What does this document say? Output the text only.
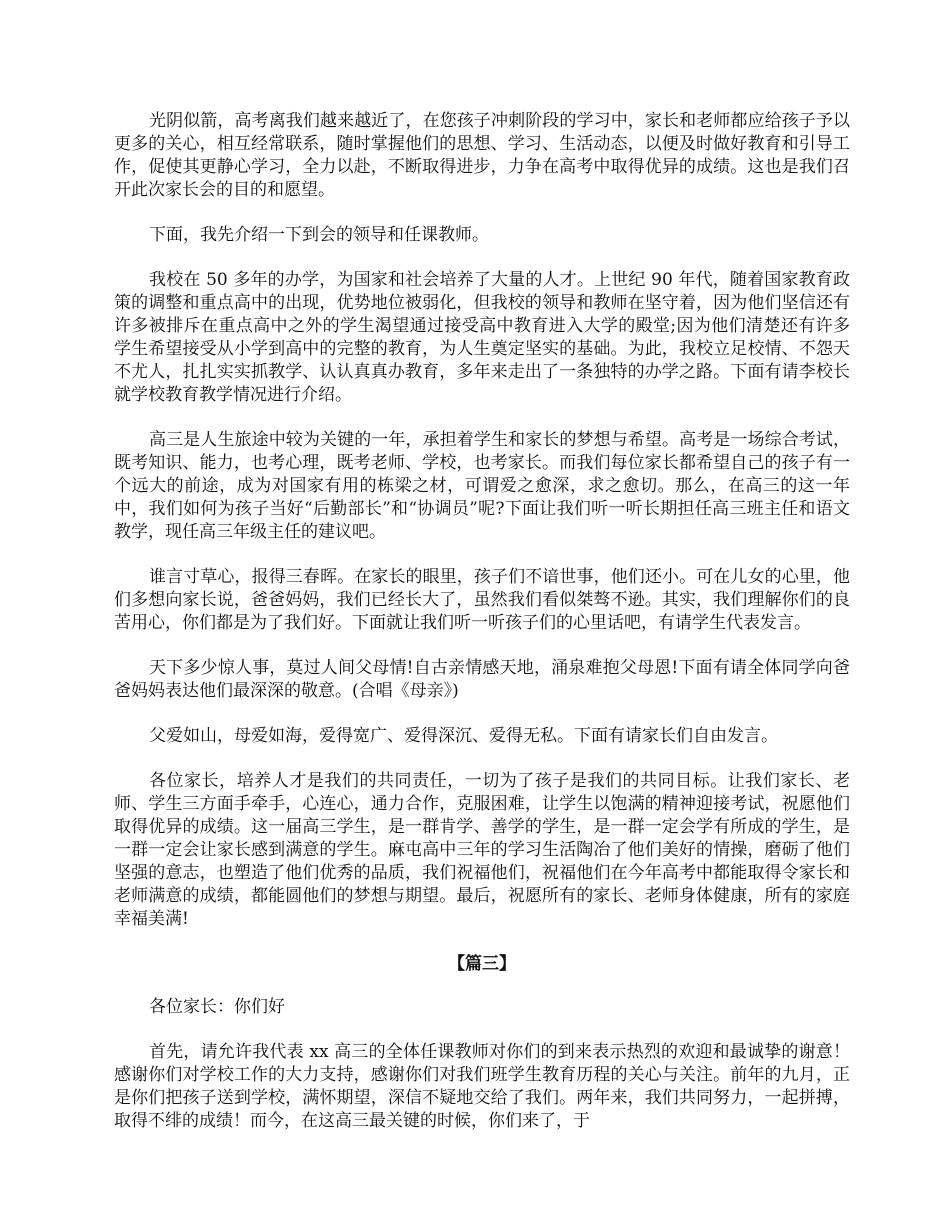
光阴似箭，高考离我们越来越近了，在您孩子冲刺阶段的学习中，家长和老师都应给孩子予以更多的关心，相互经常联系，随时掌握他们的思想、学习、生活动态，以便及时做好教育和引导工作，促使其更静心学习，全力以赴，不断取得进步，力争在高考中取得优异的成绩。这也是我们召开此次家长会的目的和愿望。

下面，我先介绍一下到会的领导和任课教师。

我校在 50 多年的办学，为国家和社会培养了大量的人才。上世纪 90 年代，随着国家教育政策的调整和重点高中的出现，优势地位被弱化，但我校的领导和教师在坚守着，因为他们坚信还有许多被排斥在重点高中之外的学生渴望通过接受高中教育进入大学的殿堂;因为他们清楚还有许多学生希望接受从小学到高中的完整的教育，为人生奠定坚实的基础。为此，我校立足校情、不怨天不尤人，扎扎实实抓教学、认认真真办教育，多年来走出了一条独特的办学之路。下面有请李校长就学校教育教学情况进行介绍。

高三是人生旅途中较为关键的一年，承担着学生和家长的梦想与希望。高考是一场综合考试，既考知识、能力，也考心理，既考老师、学校，也考家长。而我们每位家长都希望自己的孩子有一个远大的前途，成为对国家有用的栋梁之材，可谓爱之愈深，求之愈切。那么，在高三的这一年中，我们如何为孩子当好“后勤部长”和“协调员”呢?下面让我们听一听长期担任高三班主任和语文教学，现任高三年级主任的建议吧。

谁言寸草心，报得三春晖。在家长的眼里，孩子们不谙世事，他们还小。可在儿女的心里，他们多想向家长说，爸爸妈妈，我们已经长大了，虽然我们看似桀骜不逊。其实，我们理解你们的良苦用心，你们都是为了我们好。下面就让我们听一听孩子们的心里话吧，有请学生代表发言。

天下多少惊人事，莫过人间父母情!自古亲情感天地，涌泉难抱父母恩!下面有请全体同学向爸爸妈妈表达他们最深深的敬意。(合唱《母亲》)

父爱如山，母爱如海，爱得宽广、爱得深沉、爱得无私。下面有请家长们自由发言。

各位家长，培养人才是我们的共同责任，一切为了孩子是我们的共同目标。让我们家长、老师、学生三方面手牵手，心连心，通力合作，克服困难，让学生以饱满的精神迎接考试，祝愿他们取得优异的成绩。这一届高三学生，是一群肯学、善学的学生，是一群一定会学有所成的学生，是一群一定会让家长感到满意的学生。麻屯高中三年的学习生活陶冶了他们美好的情操，磨砺了他们坚强的意志，也塑造了他们优秀的品质，我们祝福他们，祝福他们在今年高考中都能取得令家长和老师满意的成绩，都能圆他们的梦想与期望。最后，祝愿所有的家长、老师身体健康，所有的家庭幸福美满!

【篇三】

各位家长：你们好

首先，请允许我代表 xx 高三的全体任课教师对你们的到来表示热烈的欢迎和最诚挚的谢意！感谢你们对学校工作的大力支持，感谢你们对我们班学生教育历程的关心与关注。前年的九月，正是你们把孩子送到学校，满怀期望，深信不疑地交给了我们。两年来，我们共同努力，一起拼搏，取得不绯的成绩！而今，在这高三最关键的时候，你们来了，于
